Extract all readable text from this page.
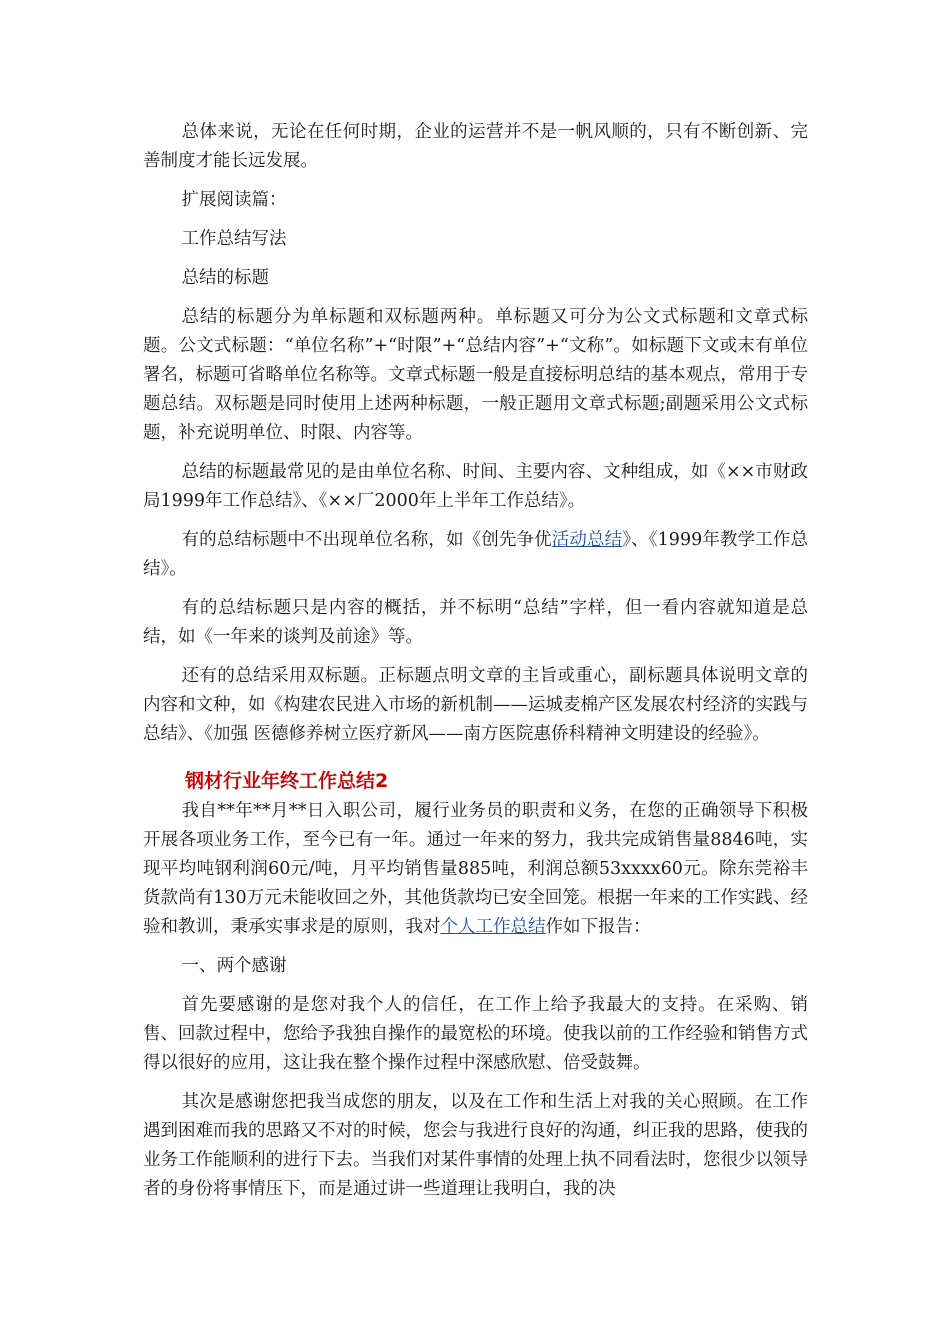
总体来说，无论在任何时期，企业的运营并不是一帆风顺的，只有不断创新、完善制度才能长远发展。

扩展阅读篇：

工作总结写法

总结的标题

总结的标题分为单标题和双标题两种。单标题又可分为公文式标题和文章式标题。公文式标题：“单位名称”+“时限”+“总结内容”+“文称”。如标题下文或末有单位署名，标题可省略单位名称等。文章式标题一般是直接标明总结的基本观点，常用于专题总结。双标题是同时使用上述两种标题，一般正题用文章式标题;副题采用公文式标题，补充说明单位、时限、内容等。

总结的标题最常见的是由单位名称、时间、主要内容、文种组成，如《××市财政局1999年工作总结》、《××厂2000年上半年工作总结》。

有的总结标题中不出现单位名称，如《创先争优活动总结》、《1999年教学工作总结》。

有的总结标题只是内容的概括，并不标明“总结”字样，但一看内容就知道是总结，如《一年来的谈判及前途》等。

还有的总结采用双标题。正标题点明文章的主旨或重心，副标题具体说明文章的内容和文种，如《构建农民进入市场的新机制——运城麦棉产区发展农村经济的实践与总结》、《加强 医德修养树立医疗新风——南方医院惠侨科精神文明建设的经验》。

钢材行业年终工作总结2

我自**年**月**日入职公司，履行业务员的职责和义务，在您的正确领导下积极开展各项业务工作，至今已有一年。通过一年来的努力，我共完成销售量8846吨，实现平均吨钢利润60元/吨，月平均销售量885吨，利润总额53xxxx60元。除东莞裕丰货款尚有130万元未能收回之外，其他货款均已安全回笼。根据一年来的工作实践、经验和教训，秉承实事求是的原则，我对个人工作总结作如下报告：

一、两个感谢

首先要感谢的是您对我个人的信任，在工作上给予我最大的支持。在采购、销售、回款过程中，您给予我独自操作的最宽松的环境。使我以前的工作经验和销售方式得以很好的应用，这让我在整个操作过程中深感欣慰、倍受鼓舞。

其次是感谢您把我当成您的朋友，以及在工作和生活上对我的关心照顾。在工作遇到困难而我的思路又不对的时候，您会与我进行良好的沟通，纠正我的思路，使我的业务工作能顺利的进行下去。当我们对某件事情的处理上执不同看法时，您很少以领导者的身份将事情压下，而是通过讲一些道理让我明白，我的决
